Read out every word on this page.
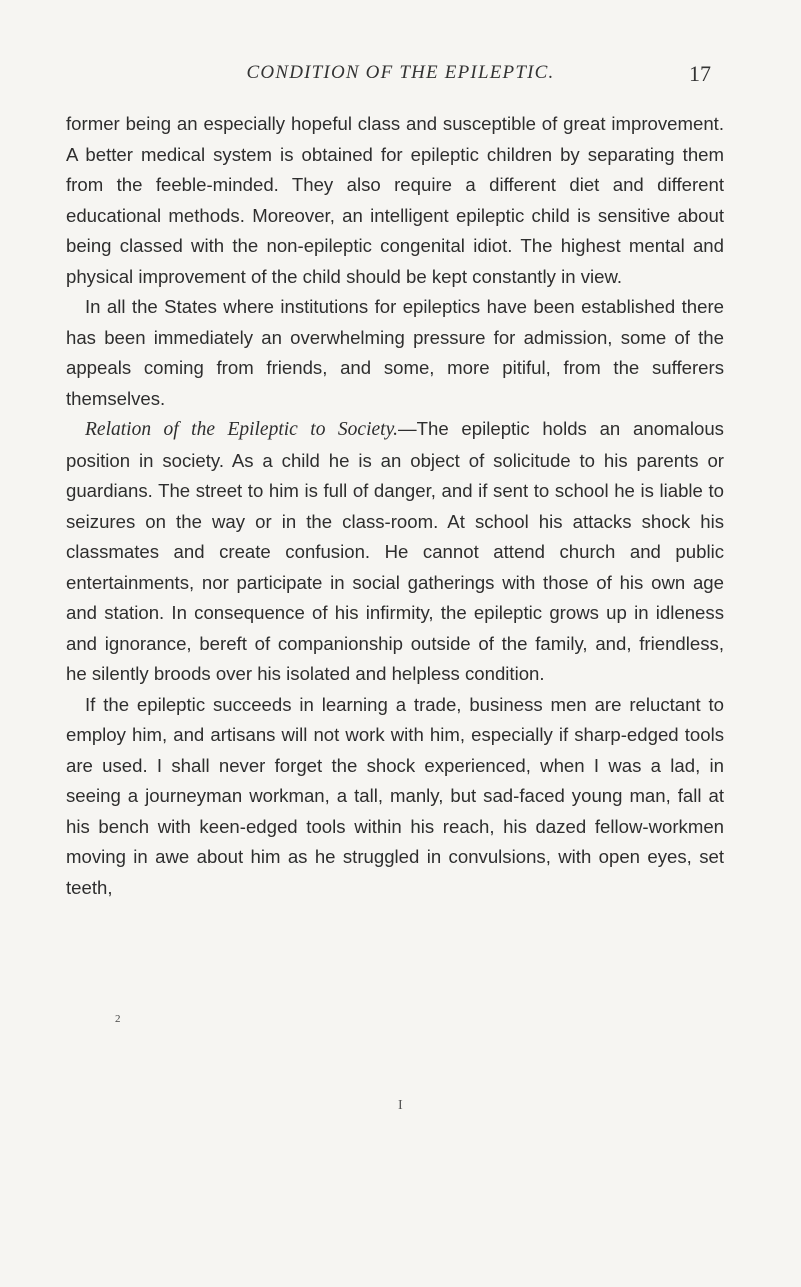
CONDITION OF THE EPILEPTIC.	17

former being an especially hopeful class and susceptible of great improvement. A better medical system is obtained for epileptic children by separating them from the feeble-minded. They also require a different diet and different educational methods. Moreover, an intelligent epileptic child is sensitive about being classed with the non-epileptic congenital idiot. The highest mental and physical improvement of the child should be kept constantly in view.

In all the States where institutions for epileptics have been established there has been immediately an overwhelming pressure for admission, some of the appeals coming from friends, and some, more pitiful, from the sufferers themselves.

Relation of the Epileptic to Society.—The epileptic holds an anomalous position in society. As a child he is an object of solicitude to his parents or guardians. The street to him is full of danger, and if sent to school he is liable to seizures on the way or in the class-room. At school his attacks shock his classmates and create confusion. He cannot attend church and public entertainments, nor participate in social gatherings with those of his own age and station. In consequence of his infirmity, the epileptic grows up in idleness and ignorance, bereft of companionship outside of the family, and, friendless, he silently broods over his isolated and helpless condition.

If the epileptic succeeds in learning a trade, business men are reluctant to employ him, and artisans will not work with him, especially if sharp-edged tools are used. I shall never forget the shock experienced, when I was a lad, in seeing a journeyman workman, a tall, manly, but sad-faced young man, fall at his bench with keen-edged tools within his reach, his dazed fellow-workmen moving in awe about him as he struggled in convulsions, with open eyes, set teeth,

2
I
